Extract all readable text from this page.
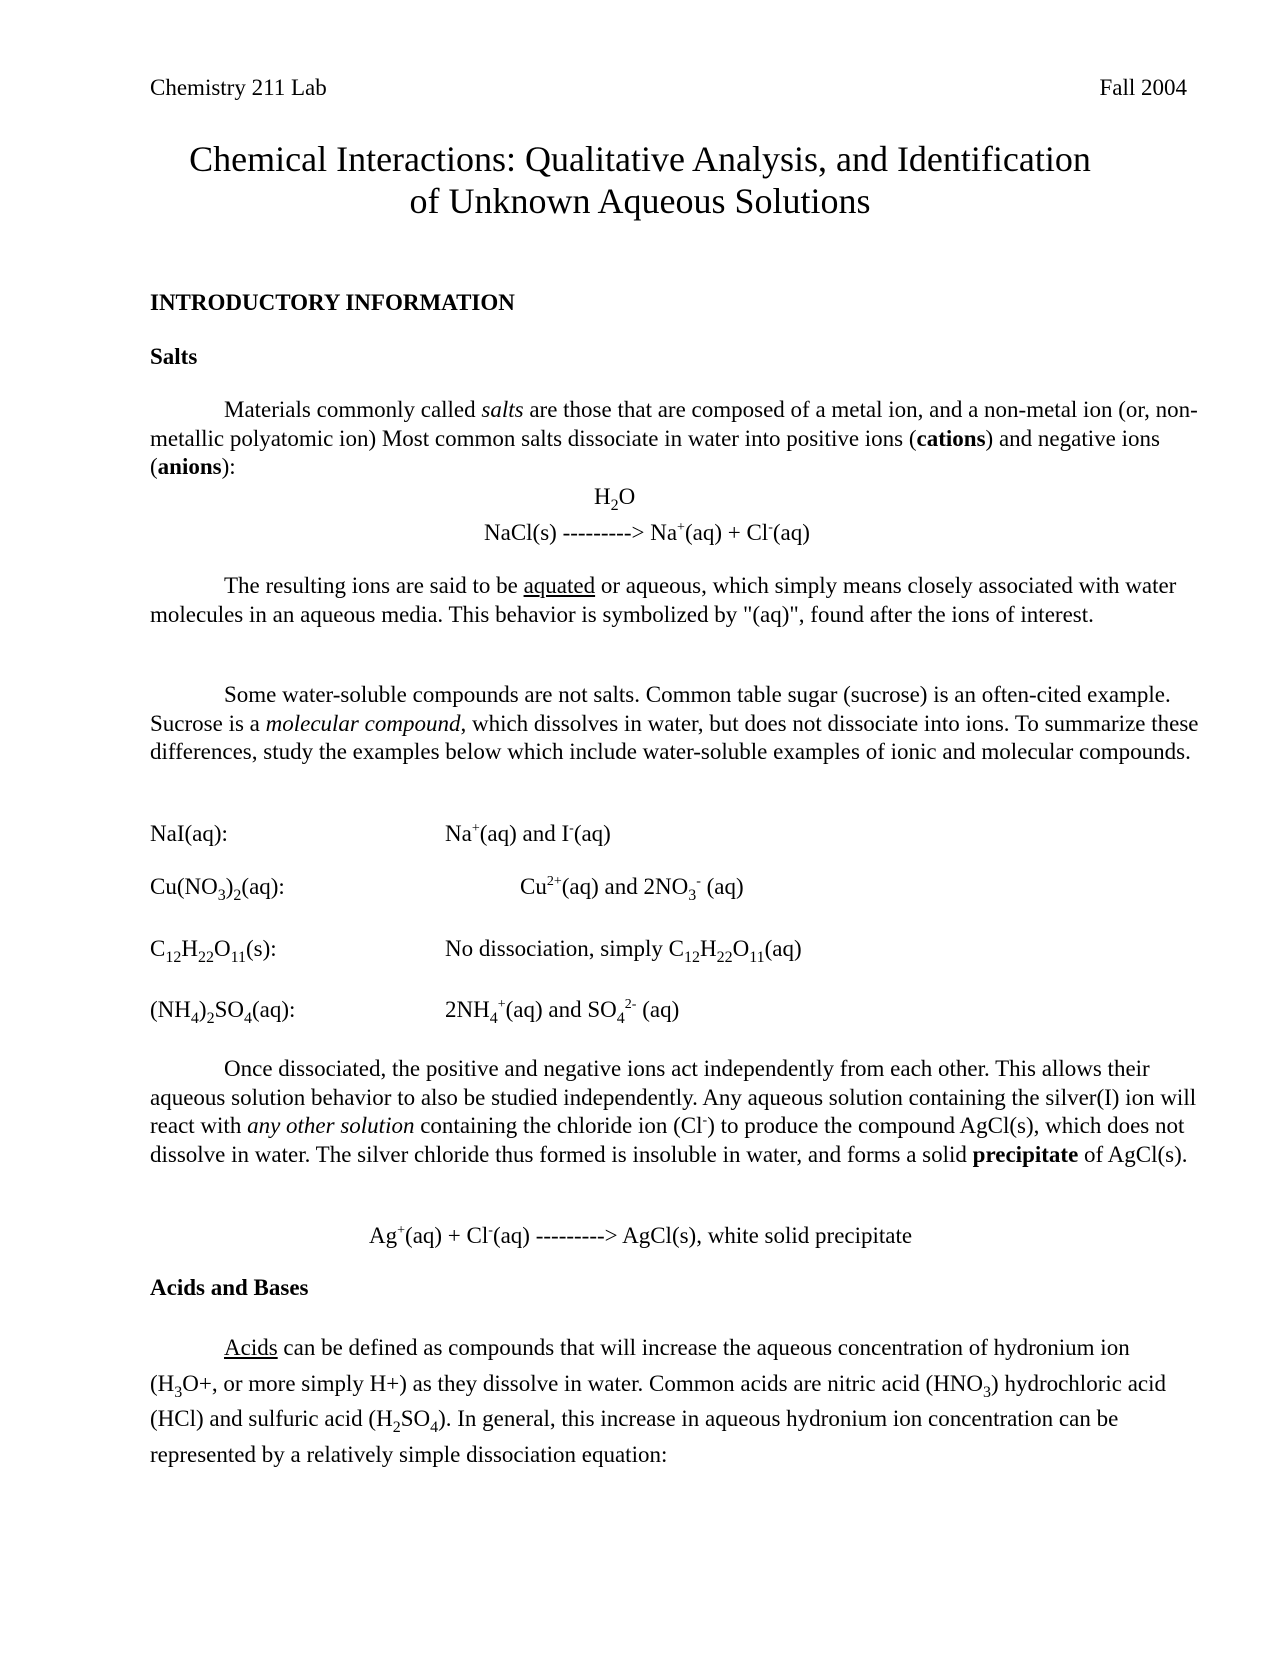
Chemistry 211 Lab	Fall 2004
Chemical Interactions: Qualitative Analysis, and Identification
of Unknown Aqueous Solutions
INTRODUCTORY INFORMATION
Salts
Materials commonly called salts are those that are composed of a metal ion, and a non-metal ion (or, non-metallic polyatomic ion) Most common salts dissociate in water into positive ions (cations) and negative ions (anions):
$H_2O$
NaCl(s) ---------> Na+(aq) + Cl-(aq)
The resulting ions are said to be aquated or aqueous, which simply means closely associated with water molecules in an aqueous media. This behavior is symbolized by "(aq)", found after the ions of interest.
Some water-soluble compounds are not salts. Common table sugar (sucrose) is an often-cited example. Sucrose is a molecular compound, which dissolves in water, but does not dissociate into ions. To summarize these differences, study the examples below which include water-soluble examples of ionic and molecular compounds.
NaI(aq):	Na+(aq) and I-(aq)
$Cu(NO_3)_2(aq)$:	$Cu^{2+}(aq)$ and $2NO_3^-$ (aq)
$C_{12}H_{22}O_{11}(s)$:	No dissociation, simply $C_{12}H_{22}O_{11}(aq)$
$(NH_4)_2SO_4(aq)$:	$2NH_4^+(aq)$ and $SO_4^{2-}$ (aq)
Once dissociated, the positive and negative ions act independently from each other. This allows their aqueous solution behavior to also be studied independently. Any aqueous solution containing the silver(I) ion will react with any other solution containing the chloride ion (Cl-) to produce the compound AgCl(s), which does not dissolve in water. The silver chloride thus formed is insoluble in water, and forms a solid precipitate of AgCl(s).
Ag+(aq) + Cl-(aq) ---------> AgCl(s), white solid precipitate
Acids and Bases
Acids can be defined as compounds that will increase the aqueous concentration of hydronium ion ($H_3O+$, or more simply H+) as they dissolve in water. Common acids are nitric acid $(HNO_3)$ hydrochloric acid (HCl) and sulfuric acid $(H_2SO_4)$. In general, this increase in aqueous hydronium ion concentration can be represented by a relatively simple dissociation equation:
